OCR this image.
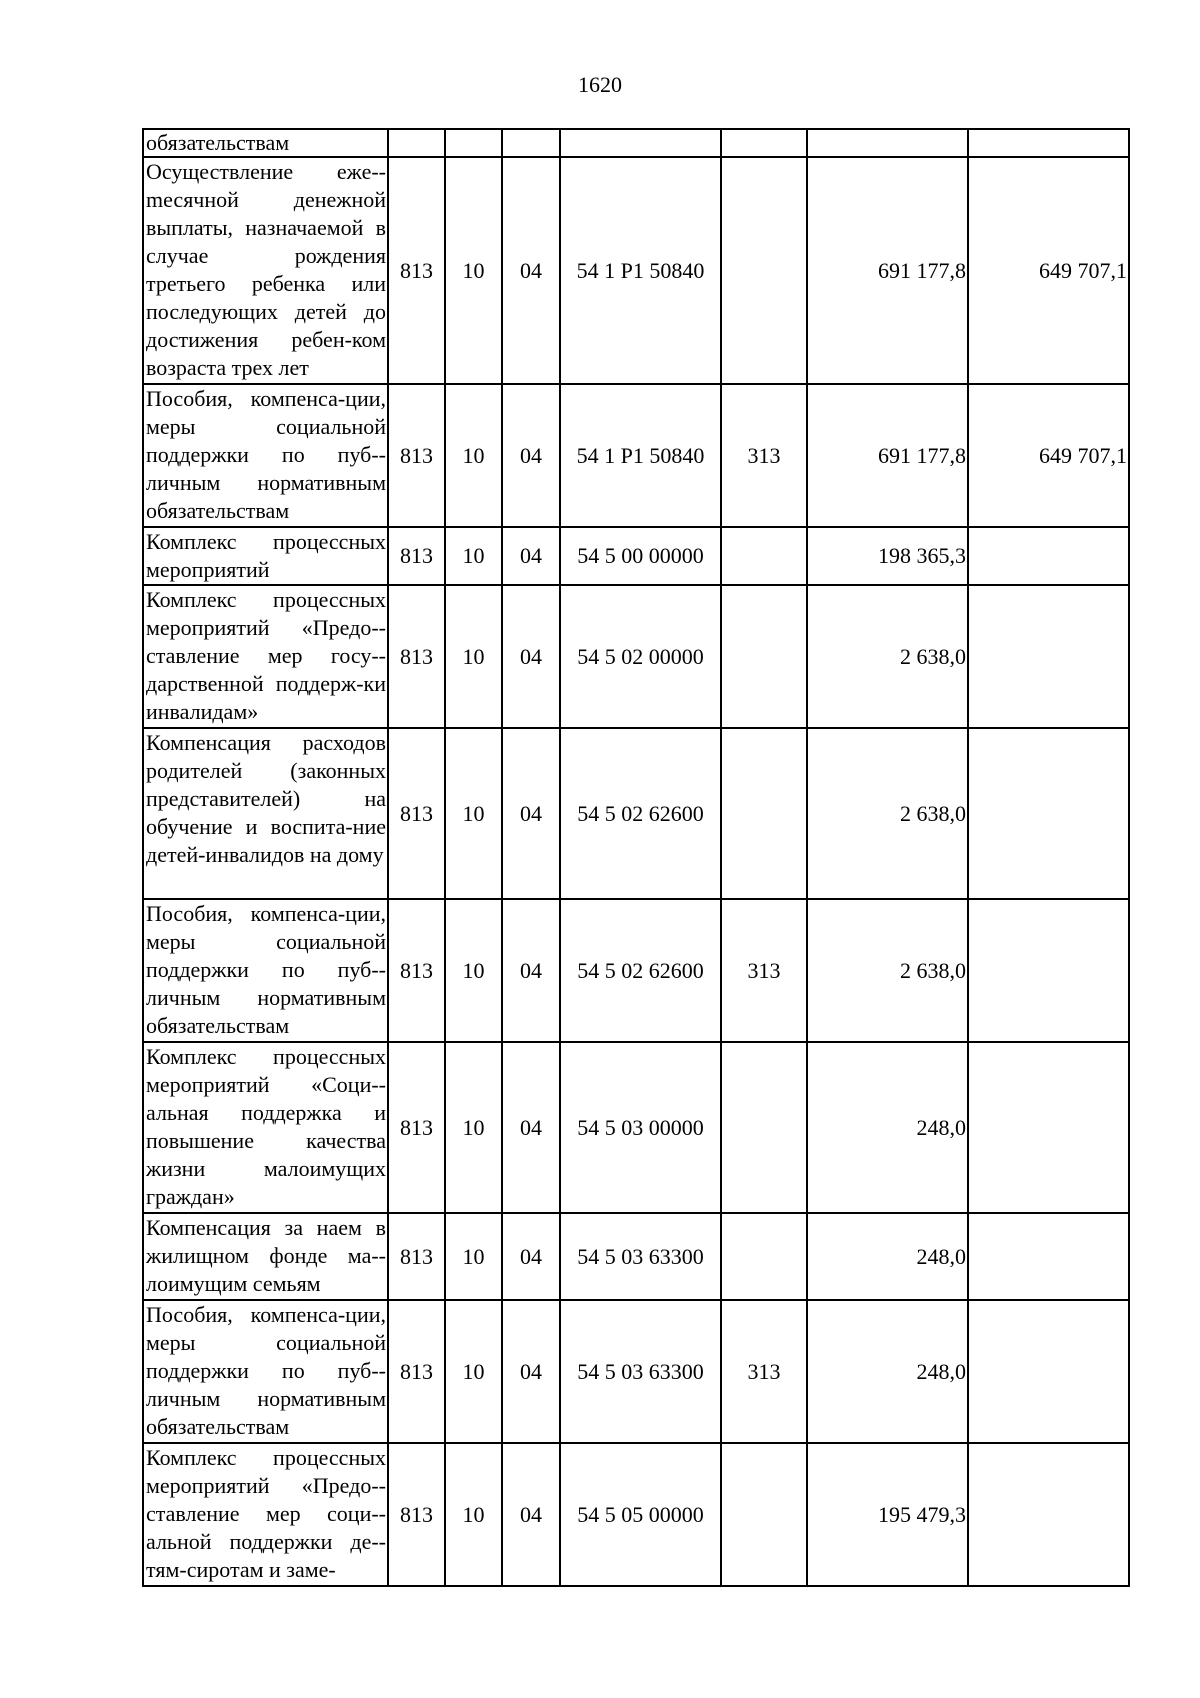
1620
обязательствам							
Осуществление еже-mесячной денежной выплаты, назначаемой в случае рождения третьего ребенка или последующих детей до достижения ребен-ком возраста трех лет	813	10	04	54 1 P1 50840		691 177,8	649 707,1
Пособия, компенса-ции, меры социальной поддержки по пуб-личным нормативным обязательствам	813	10	04	54 1 P1 50840	313	691 177,8	649 707,1
Комплекс процессных мероприятий	813	10	04	54 5 00 00000		198 365,3	
Комплекс процессных мероприятий «Предо-ставление мер госу-дарственной поддерж-ки инвалидам»	813	10	04	54 5 02 00000		2 638,0	
Компенсация расходов родителей (законных представителей) на обучение и воспита-ние детей-инвалидов на дому	813	10	04	54 5 02 62600		2 638,0	
Пособия, компенса-ции, меры социальной поддержки по пуб-личным нормативным обязательствам	813	10	04	54 5 02 62600	313	2 638,0	
Комплекс процессных мероприятий «Соци-альная поддержка и повышение качества жизни малоимущих граждан»	813	10	04	54 5 03 00000		248,0	
Компенсация за наем в жилищном фонде ма-лоимущим семьям	813	10	04	54 5 03 63300		248,0	
Пособия, компенса-ции, меры социальной поддержки по пуб-личным нормативным обязательствам	813	10	04	54 5 03 63300	313	248,0	
Комплекс процессных мероприятий «Предо-ставление мер соци-альной поддержки де-тям-сиротам и заме-	813	10	04	54 5 05 00000		195 479,3	
